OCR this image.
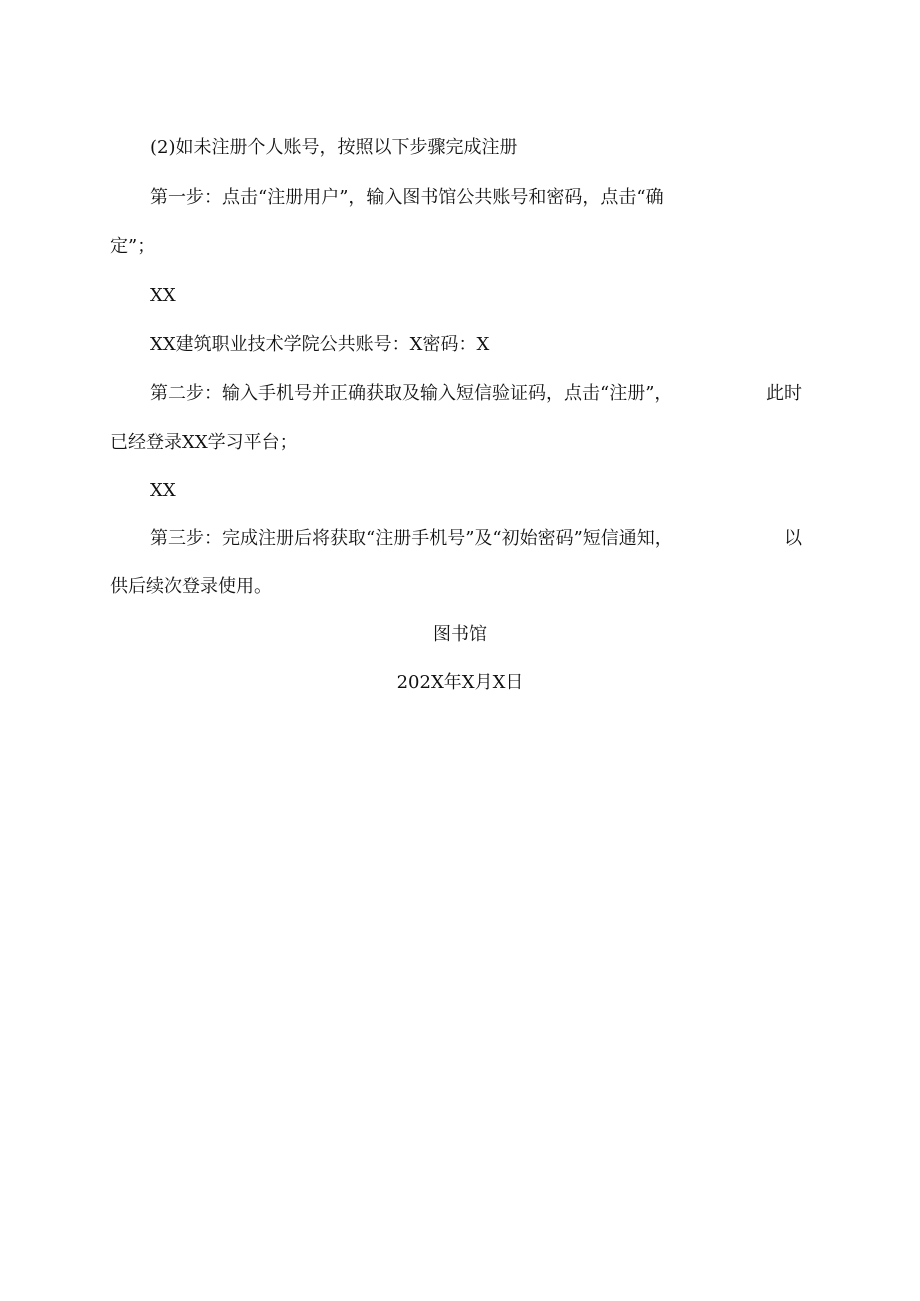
(2)如未注册个人账号，按照以下步骤完成注册

第一步：点击“注册用户”，输入图书馆公共账号和密码，点击“确

定”；

XX

XX建筑职业技术学院公共账号：X密码：X

第二步：输入手机号并正确获取及输入短信验证码，点击“注册”，	此时

已经登录XX学习平台；

XX

第三步：完成注册后将获取“注册手机号”及“初始密码”短信通知，	以

供后续次登录使用。

图书馆

202X年X月X日
